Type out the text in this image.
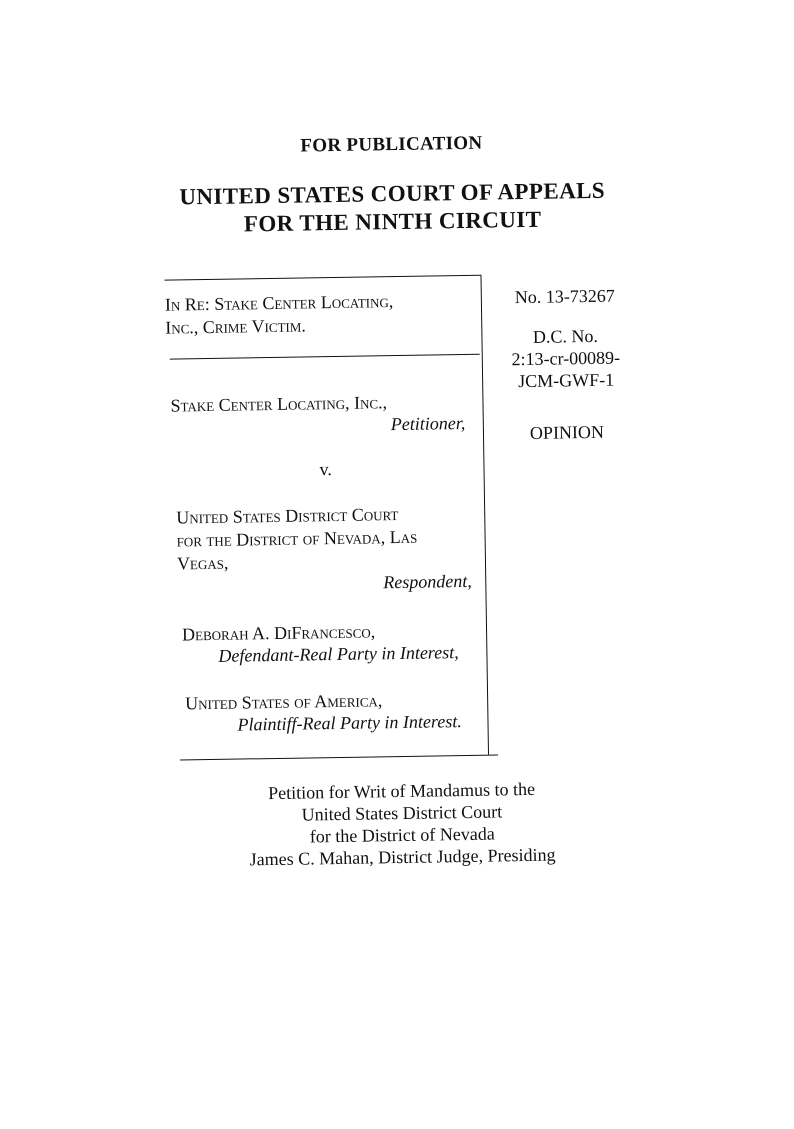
FOR PUBLICATION
UNITED STATES COURT OF APPEALS
FOR THE NINTH CIRCUIT
In Re: Stake Center Locating,
Inc., Crime Victim.
Stake Center Locating, Inc.,
Petitioner,
v.
United States District Court
for the District of Nevada, Las
Vegas,
Respondent,
Deborah A. DiFrancesco,
Defendant-Real Party in Interest,
United States of America,
Plaintiff-Real Party in Interest.
No. 13-73267
D.C. No.
2:13-cr-00089-
JCM-GWF-1
OPINION
Petition for Writ of Mandamus to the
United States District Court
for the District of Nevada
James C. Mahan, District Judge, Presiding
